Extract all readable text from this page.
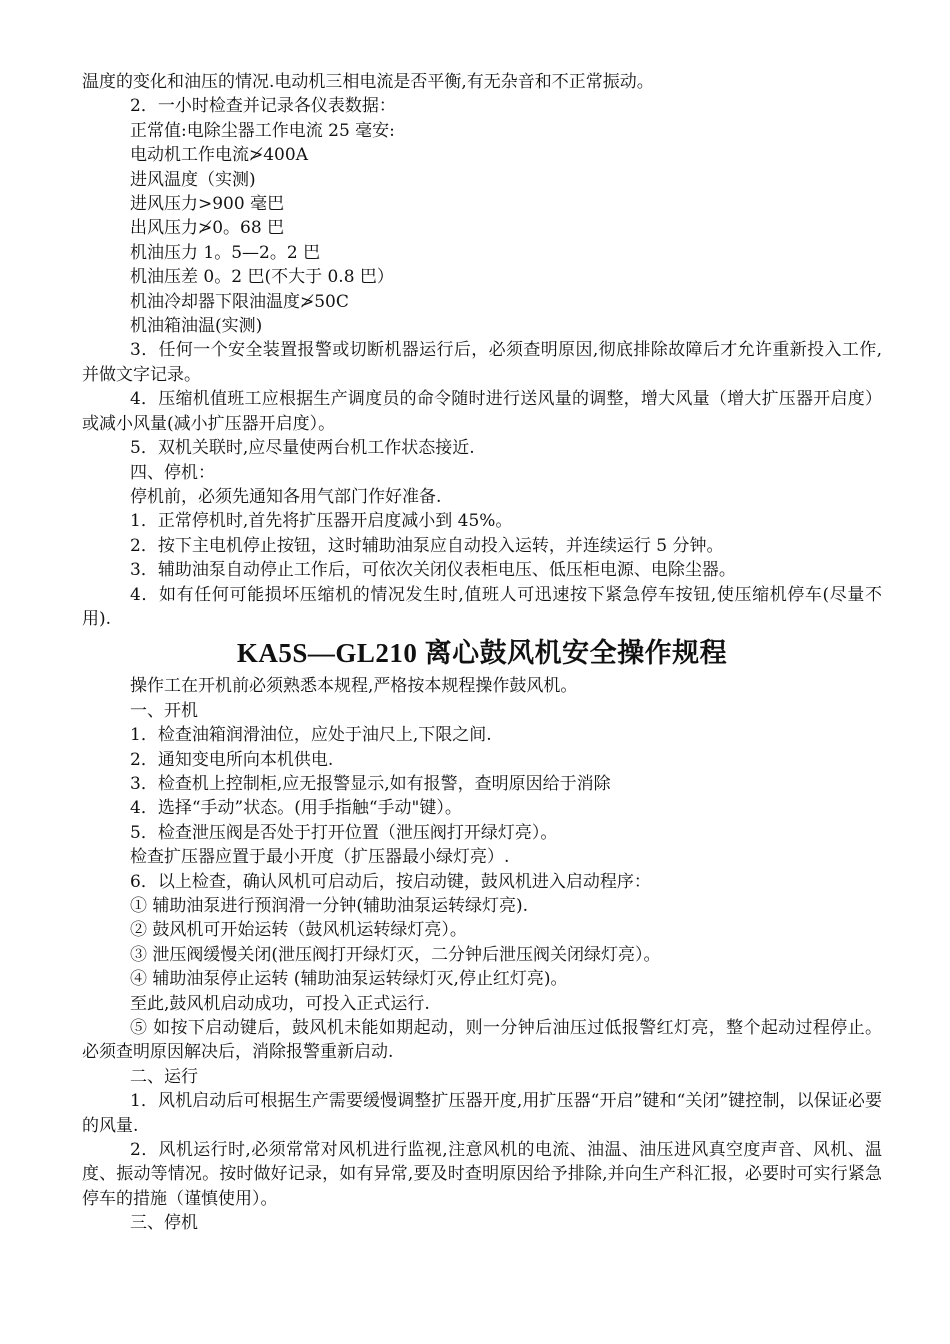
温度的变化和油压的情况.电动机三相电流是否平衡,有无杂音和不正常振动。

2．一小时检查并记录各仪表数据：

正常值:电除尘器工作电流 25 毫安:

电动机工作电流≯400A

进风温度（实测)

进风压力>900 毫巴

出风压力≯0。68 巴

机油压力 1。5—2。2 巴

机油压差 0。2 巴(不大于 0.8 巴）

机油冷却器下限油温度≯50C

机油箱油温(实测)

3．任何一个安全装置报警或切断机器运行后，必须查明原因,彻底排除故障后才允许重新投入工作,并做文字记录。

4．压缩机值班工应根据生产调度员的命令随时进行送风量的调整，增大风量（增大扩压器开启度）或减小风量(减小扩压器开启度）。

5．双机关联时,应尽量使两台机工作状态接近.

四、停机：

停机前，必须先通知各用气部门作好准备.

1．正常停机时,首先将扩压器开启度减小到 45%。

2．按下主电机停止按钮，这时辅助油泵应自动投入运转，并连续运行 5 分钟。

3．辅助油泵自动停止工作后，可依次关闭仪表柜电压、低压柜电源、电除尘器。

4．如有任何可能损坏压缩机的情况发生时,值班人可迅速按下紧急停车按钮,使压缩机停车(尽量不用).

KA5S—GL210 离心鼓风机安全操作规程

操作工在开机前必须熟悉本规程,严格按本规程操作鼓风机。

一、开机

1．检查油箱润滑油位，应处于油尺上,下限之间.

2．通知变电所向本机供电.

3．检查机上控制柜,应无报警显示,如有报警，查明原因给于消除

4．选择“手动”状态。(用手指触“手动"键）。

5．检查泄压阀是否处于打开位置（泄压阀打开绿灯亮）。

检查扩压器应置于最小开度（扩压器最小绿灯亮）.

6．以上检查，确认风机可启动后，按启动键，鼓风机进入启动程序：

① 辅助油泵进行预润滑一分钟(辅助油泵运转绿灯亮).

② 鼓风机可开始运转（鼓风机运转绿灯亮）。

③ 泄压阀缓慢关闭(泄压阀打开绿灯灭，二分钟后泄压阀关闭绿灯亮）。

④ 辅助油泵停止运转 (辅助油泵运转绿灯灭,停止红灯亮)。

至此,鼓风机启动成功，可投入正式运行.

⑤ 如按下启动键后，鼓风机未能如期起动，则一分钟后油压过低报警红灯亮，整个起动过程停止。必须查明原因解决后，消除报警重新启动.

二、运行

1．风机启动后可根据生产需要缓慢调整扩压器开度,用扩压器“开启”键和“关闭”键控制，以保证必要的风量.

2．风机运行时,必须常常对风机进行监视,注意风机的电流、油温、油压进风真空度声音、风机、温度、振动等情况。按时做好记录，如有异常,要及时查明原因给予排除,并向生产科汇报，必要时可实行紧急停车的措施（谨慎使用）。

三、停机
